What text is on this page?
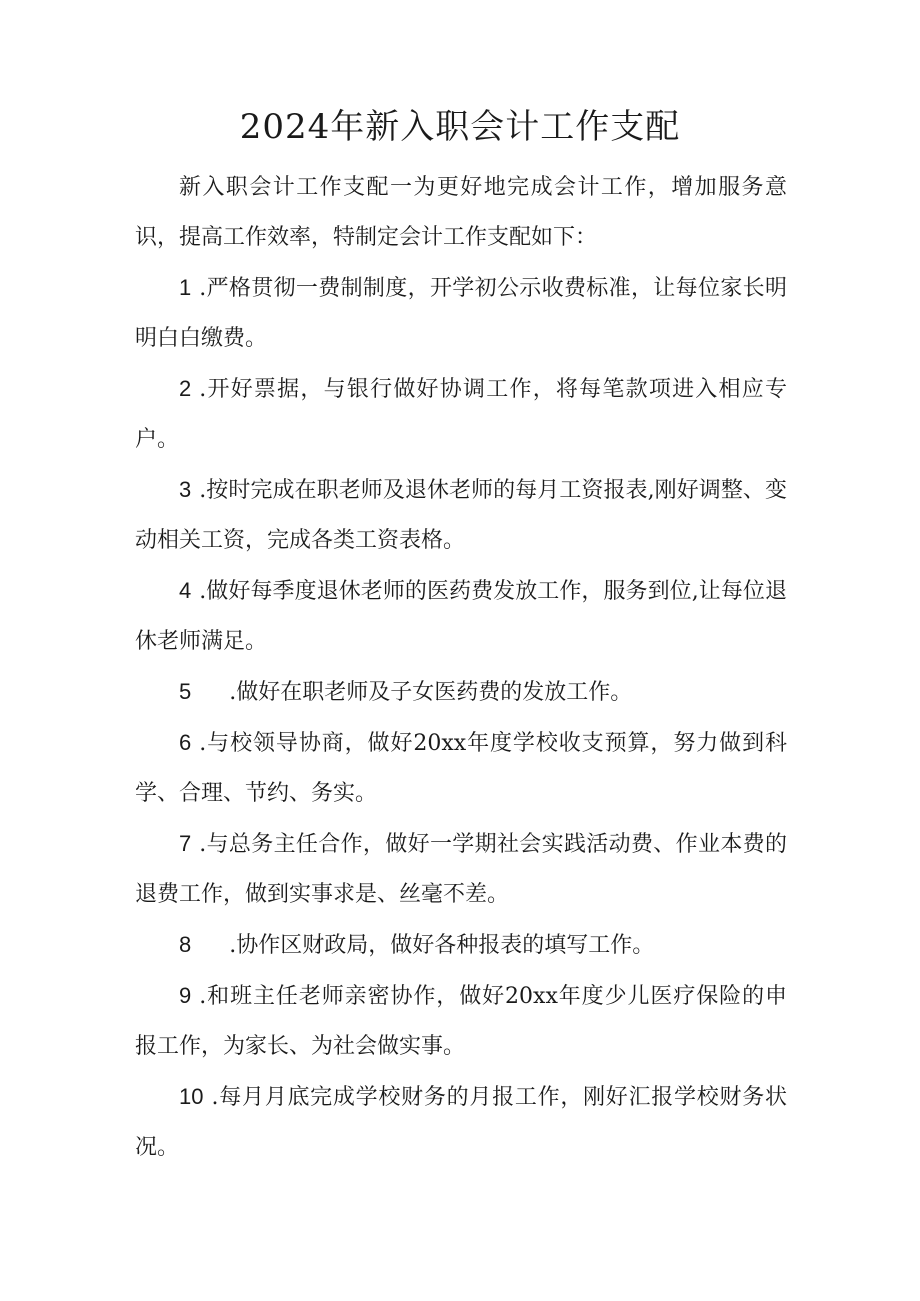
2024年新入职会计工作支配

新入职会计工作支配一为更好地完成会计工作，增加服务意识，提高工作效率，特制定会计工作支配如下：

1 .严格贯彻一费制制度，开学初公示收费标准，让每位家长明明白白缴费。

2 .开好票据，与银行做好协调工作，将每笔款项进入相应专户。

3 .按时完成在职老师及退休老师的每月工资报表,刚好调整、变动相关工资，完成各类工资表格。

4 .做好每季度退休老师的医药费发放工作，服务到位,让每位退休老师满足。

5 .做好在职老师及子女医药费的发放工作。

6 .与校领导协商，做好20xx年度学校收支预算，努力做到科学、合理、节约、务实。

7 .与总务主任合作，做好一学期社会实践活动费、作业本费的退费工作，做到实事求是、丝毫不差。

8 .协作区财政局，做好各种报表的填写工作。

9 .和班主任老师亲密协作，做好20xx年度少儿医疗保险的申报工作，为家长、为社会做实事。

10 .每月月底完成学校财务的月报工作，刚好汇报学校财务状况。
